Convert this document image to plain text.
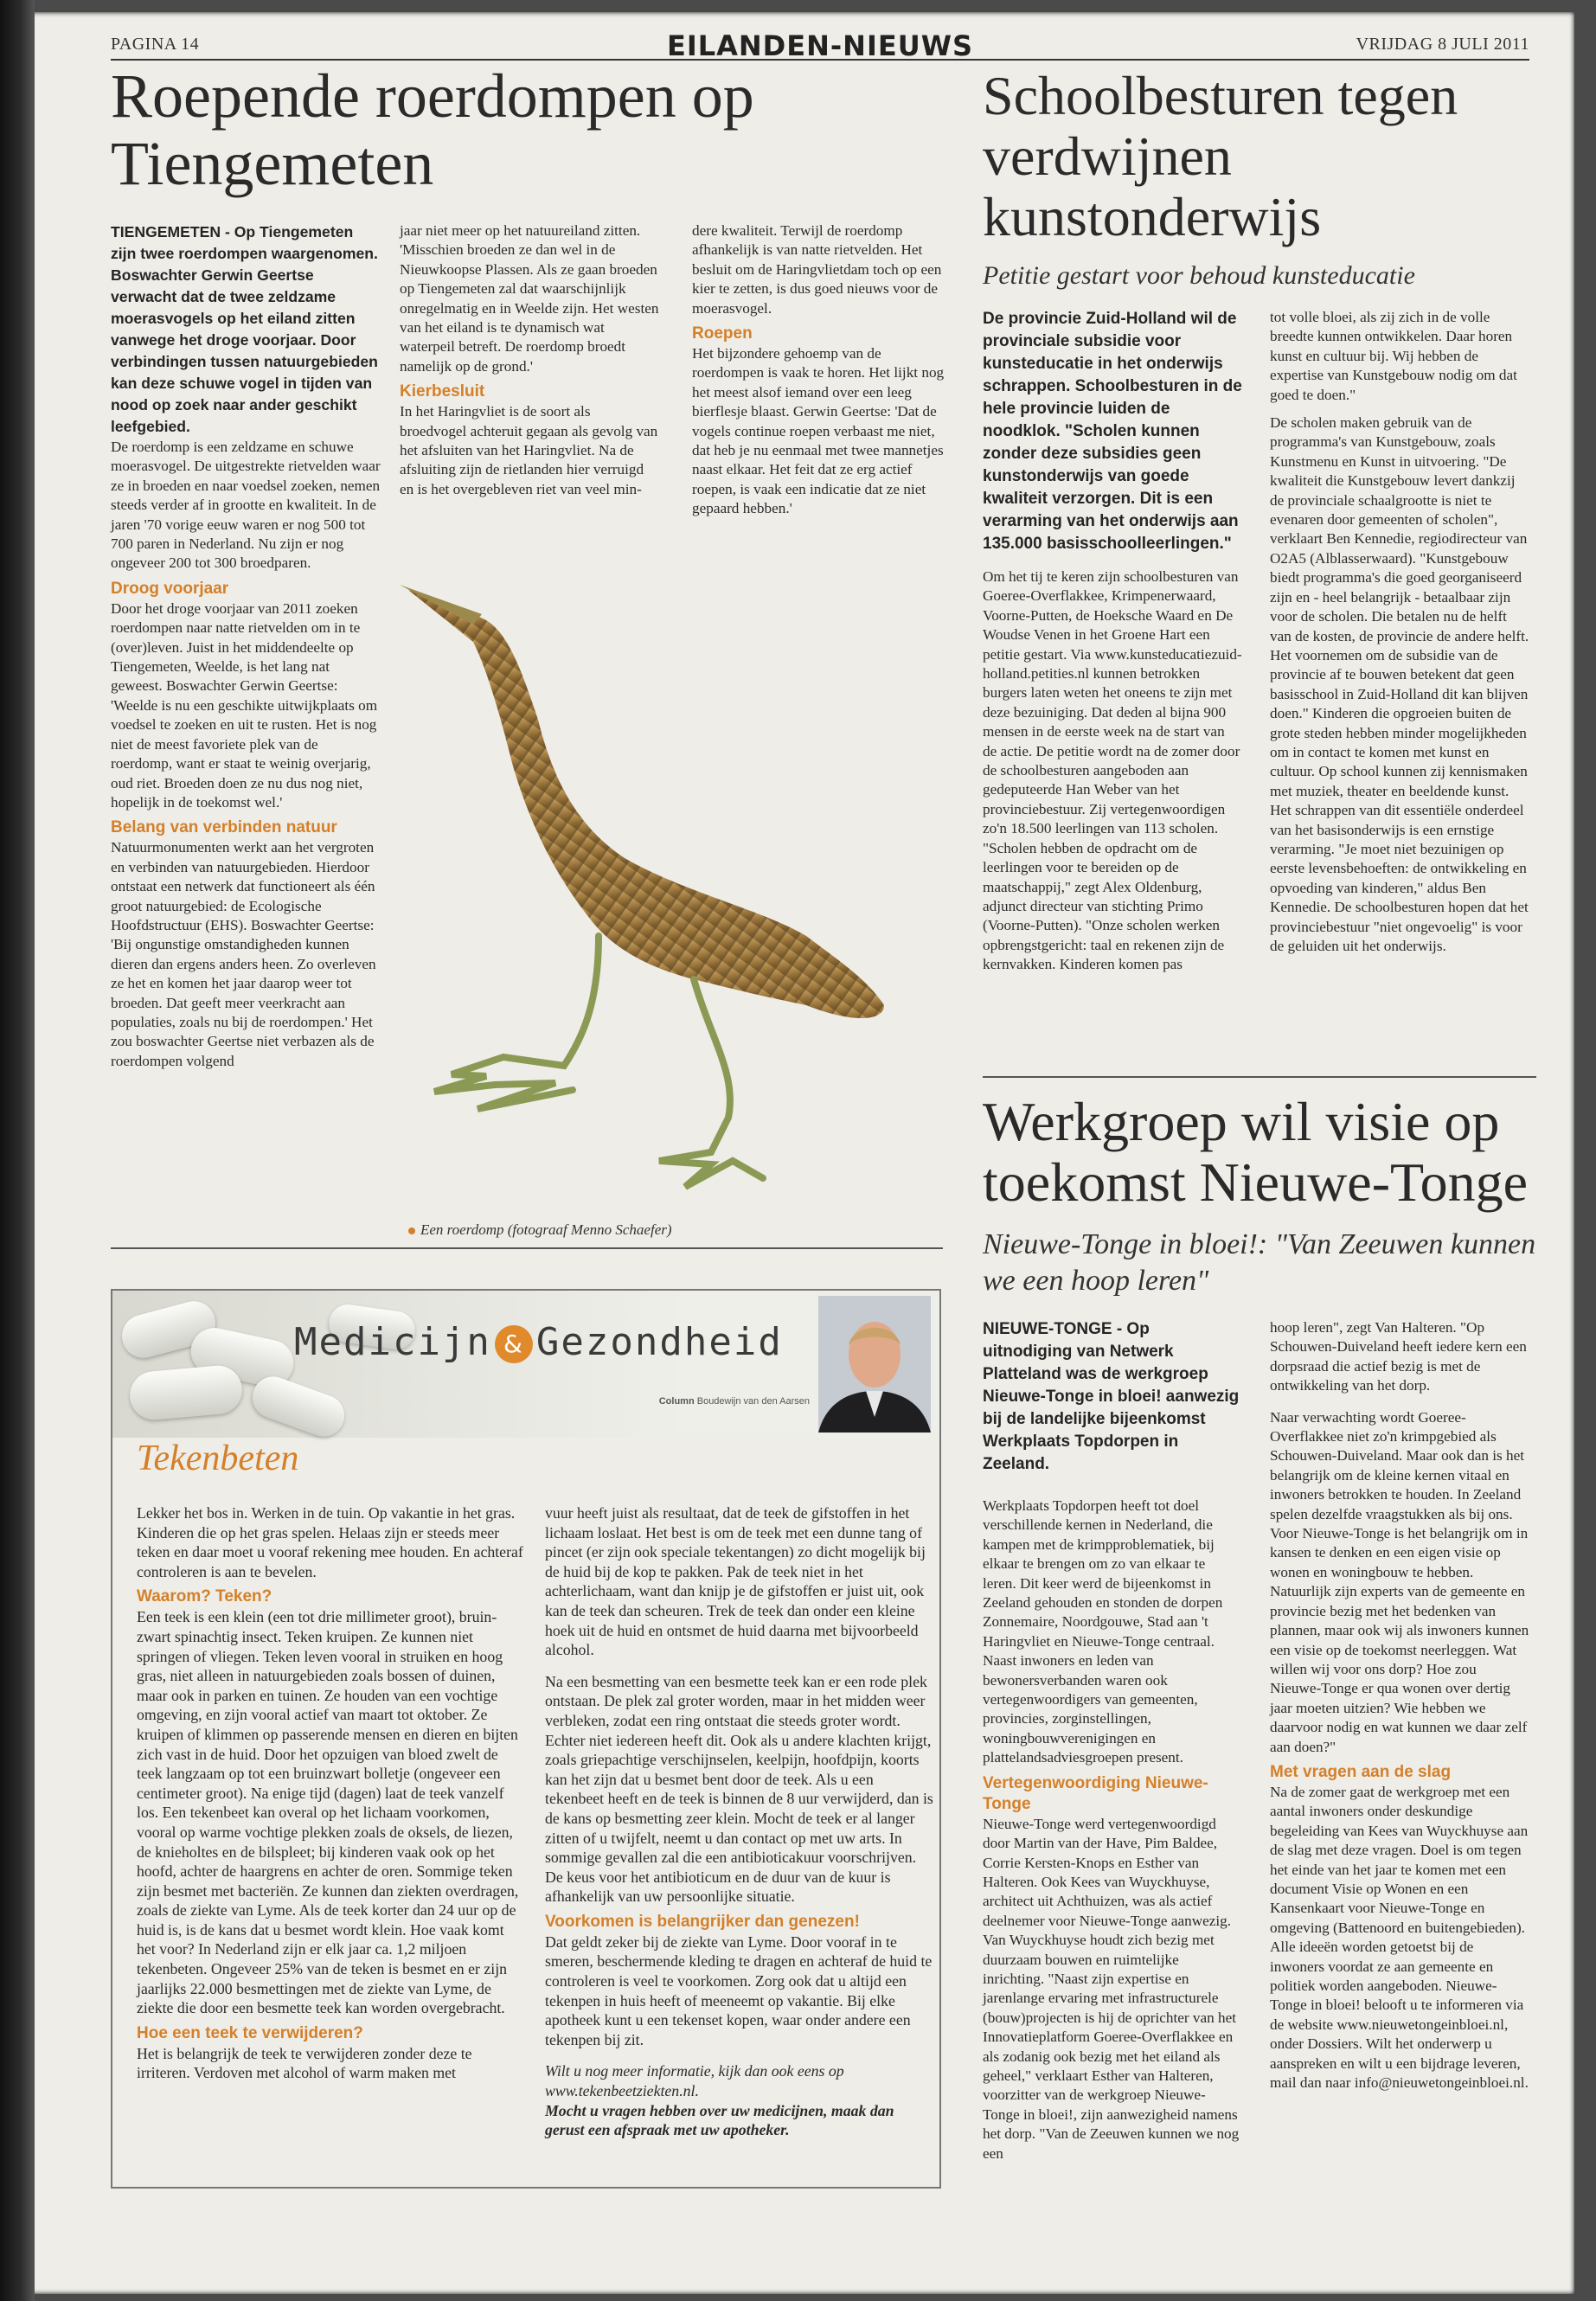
PAGINA 14	EILANDEN-NIEUWS	VRIJDAG 8 JULI 2011
Roepende roerdompen op Tiengemeten

TIENGEMETEN - Op Tiengemeten zijn twee roerdompen waargenomen. Boswachter Gerwin Geertse verwacht dat de twee zeldzame moerasvogels op het eiland zitten vanwege het droge voorjaar. Door verbindingen tussen natuurgebieden kan deze schuwe vogel in tijden van nood op zoek naar ander geschikt leefgebied.

De roerdomp is een zeldzame en schuwe moerasvogel. De uitgestrekte rietvelden waar ze in broeden en naar voedsel zoeken, nemen steeds verder af in grootte en kwaliteit. In de jaren '70 vorige eeuw waren er nog 500 tot 700 paren in Nederland. Nu zijn er nog ongeveer 200 tot 300 broedparen.

Droog voorjaar

Door het droge voorjaar van 2011 zoeken roerdompen naar natte rietvelden om in te (over)leven. Juist in het middendeelte op Tiengemeten, Weelde, is het lang nat geweest. Boswachter Gerwin Geertse: 'Weelde is nu een geschikte uitwijkplaats om voedsel te zoeken en uit te rusten. Het is nog niet de meest favoriete plek van de roerdomp, want er staat te weinig overjarig, oud riet. Broeden doen ze nu dus nog niet, hopelijk in de toekomst wel.'

Belang van verbinden natuur

Natuurmonumenten werkt aan het vergroten en verbinden van natuurgebieden. Hierdoor ontstaat een netwerk dat functioneert als één groot natuurgebied: de Ecologische Hoofdstructuur (EHS). Boswachter Geertse: 'Bij ongunstige omstandigheden kunnen dieren dan ergens anders heen. Zo overleven ze het en komen het jaar daarop weer tot broeden. Dat geeft meer veerkracht aan populaties, zoals nu bij de roerdompen.' Het zou boswachter Geertse niet verbazen als de roerdompen volgend

jaar niet meer op het natuureiland zitten. 'Misschien broeden ze dan wel in de Nieuwkoopse Plassen. Als ze gaan broeden op Tiengemeten zal dat waarschijnlijk onregelmatig en in Weelde zijn. Het westen van het eiland is te dynamisch wat waterpeil betreft. De roerdomp broedt namelijk op de grond.'

Kierbesluit

In het Haringvliet is de soort als broedvogel achteruit gegaan als gevolg van het afsluiten van het Haringvliet. Na de afsluiting zijn de rietlanden hier verruigd en is het overgebleven riet van veel min-

dere kwaliteit. Terwijl de roerdomp afhankelijk is van natte rietvelden. Het besluit om de Haringvlietdam toch op een kier te zetten, is dus goed nieuws voor de moerasvogel.

Roepen

Het bijzondere gehoemp van de roerdompen is vaak te horen. Het lijkt nog het meest alsof iemand over een leeg bierflesje blaast. Gerwin Geertse: 'Dat de vogels continue roepen verbaast me niet, dat heb je nu eenmaal met twee mannetjes naast elkaar. Het feit dat ze erg actief roepen, is vaak een indicatie dat ze niet gepaard hebben.'

Een roerdomp (fotograaf Menno Schaefer)
Medicijn & Gezondheid
Column Boudewijn van den Aarsen
Tekenbeten

Lekker het bos in. Werken in de tuin. Op vakantie in het gras. Kinderen die op het gras spelen. Helaas zijn er steeds meer teken en daar moet u vooraf rekening mee houden. En achteraf controleren is aan te bevelen.

Waarom? Teken?

Een teek is een klein (een tot drie millimeter groot), bruin-zwart spinachtig insect. Teken kruipen. Ze kunnen niet springen of vliegen. Teken leven vooral in struiken en hoog gras, niet alleen in natuurgebieden zoals bossen of duinen, maar ook in parken en tuinen. Ze houden van een vochtige omgeving, en zijn vooral actief van maart tot oktober. Ze kruipen of klimmen op passerende mensen en dieren en bijten zich vast in de huid. Door het opzuigen van bloed zwelt de teek langzaam op tot een bruinzwart bolletje (ongeveer een centimeter groot). Na enige tijd (dagen) laat de teek vanzelf los. Een tekenbeet kan overal op het lichaam voorkomen, vooral op warme vochtige plekken zoals de oksels, de liezen, de knieholtes en de bilspleet; bij kinderen vaak ook op het hoofd, achter de haargrens en achter de oren. Sommige teken zijn besmet met bacteriën. Ze kunnen dan ziekten overdragen, zoals de ziekte van Lyme. Als de teek korter dan 24 uur op de huid is, is de kans dat u besmet wordt klein. Hoe vaak komt het voor? In Nederland zijn er elk jaar ca. 1,2 miljoen tekenbeten. Ongeveer 25% van de teken is besmet en er zijn jaarlijks 22.000 besmettingen met de ziekte van Lyme, de ziekte die door een besmette teek kan worden overgebracht.

Hoe een teek te verwijderen?

Het is belangrijk de teek te verwijderen zonder deze te irriteren. Verdoven met alcohol of warm maken met

vuur heeft juist als resultaat, dat de teek de gifstoffen in het lichaam loslaat. Het best is om de teek met een dunne tang of pincet (er zijn ook speciale tekentangen) zo dicht mogelijk bij de huid bij de kop te pakken. Pak de teek niet in het achterlichaam, want dan knijp je de gifstoffen er juist uit, ook kan de teek dan scheuren. Trek de teek dan onder een kleine hoek uit de huid en ontsmet de huid daarna met bijvoorbeeld alcohol.

Na een besmetting van een besmette teek kan er een rode plek ontstaan. De plek zal groter worden, maar in het midden weer verbleken, zodat een ring ontstaat die steeds groter wordt. Echter niet iedereen heeft dit. Ook als u andere klachten krijgt, zoals griepachtige verschijnselen, keelpijn, hoofdpijn, koorts kan het zijn dat u besmet bent door de teek. Als u een tekenbeet heeft en de teek is binnen de 8 uur verwijderd, dan is de kans op besmetting zeer klein. Mocht de teek er al langer zitten of u twijfelt, neemt u dan contact op met uw arts. In sommige gevallen zal die een antibioticakuur voorschrijven. De keus voor het antibioticum en de duur van de kuur is afhankelijk van uw persoonlijke situatie.

Voorkomen is belangrijker dan genezen!

Dat geldt zeker bij de ziekte van Lyme. Door vooraf in te smeren, beschermende kleding te dragen en achteraf de huid te controleren is veel te voorkomen. Zorg ook dat u altijd een tekenpen in huis heeft of meeneemt op vakantie. Bij elke apotheek kunt u een tekenset kopen, waar onder andere een tekenpen bij zit.

Wilt u nog meer informatie, kijk dan ook eens op www.tekenbeetziekten.nl.

Mocht u vragen hebben over uw medicijnen, maak dan gerust een afspraak met uw apotheker.

Schoolbesturen tegen verdwijnen kunstonderwijs
Petitie gestart voor behoud kunsteducatie

De provincie Zuid-Holland wil de provinciale subsidie voor kunsteducatie in het onderwijs schrappen. Schoolbesturen in de hele provincie luiden de noodklok. "Scholen kunnen zonder deze subsidies geen kunstonderwijs van goede kwaliteit verzorgen. Dit is een verarming van het onderwijs aan 135.000 basisschoolleerlingen."

Om het tij te keren zijn schoolbesturen van Goeree-Overflakkee, Krimpenerwaard, Voorne-Putten, de Hoeksche Waard en De Woudse Venen in het Groene Hart een petitie gestart. Via www.kunsteducatiezuid-holland.petities.nl kunnen betrokken burgers laten weten het oneens te zijn met deze bezuiniging. Dat deden al bijna 900 mensen in de eerste week na de start van de actie. De petitie wordt na de zomer door de schoolbesturen aangeboden aan gedeputeerde Han Weber van het provinciebestuur. Zij vertegenwoordigen zo'n 18.500 leerlingen van 113 scholen. "Scholen hebben de opdracht om de leerlingen voor te bereiden op de maatschappij," zegt Alex Oldenburg, adjunct directeur van stichting Primo (Voorne-Putten). "Onze scholen werken opbrengstgericht: taal en rekenen zijn de kernvakken. Kinderen komen pas

tot volle bloei, als zij zich in de volle breedte kunnen ontwikkelen. Daar horen kunst en cultuur bij. Wij hebben de expertise van Kunstgebouw nodig om dat goed te doen."

De scholen maken gebruik van de programma's van Kunstgebouw, zoals Kunstmenu en Kunst in uitvoering. "De kwaliteit die Kunstgebouw levert dankzij de provinciale schaalgrootte is niet te evenaren door gemeenten of scholen", verklaart Ben Kennedie, regiodirecteur van O2A5 (Alblasserwaard). "Kunstgebouw biedt programma's die goed georganiseerd zijn en - heel belangrijk - betaalbaar zijn voor de scholen. Die betalen nu de helft van de kosten, de provincie de andere helft. Het voornemen om de subsidie van de provincie af te bouwen betekent dat geen basisschool in Zuid-Holland dit kan blijven doen." Kinderen die opgroeien buiten de grote steden hebben minder mogelijkheden om in contact te komen met kunst en cultuur. Op school kunnen zij kennismaken met muziek, theater en beeldende kunst. Het schrappen van dit essentiële onderdeel van het basisonderwijs is een ernstige verarming. "Je moet niet bezuinigen op eerste levensbehoeften: de ontwikkeling en opvoeding van kinderen," aldus Ben Kennedie. De schoolbesturen hopen dat het provinciebestuur "niet ongevoelig" is voor de geluiden uit het onderwijs.

Werkgroep wil visie op toekomst Nieuwe-Tonge
Nieuwe-Tonge in bloei!: "Van Zeeuwen kunnen we een hoop leren"

NIEUWE-TONGE - Op uitnodiging van Netwerk Platteland was de werkgroep Nieuwe-Tonge in bloei! aanwezig bij de landelijke bijeenkomst Werkplaats Topdorpen in Zeeland.

Werkplaats Topdorpen heeft tot doel verschillende kernen in Nederland, die kampen met de krimpproblematiek, bij elkaar te brengen om zo van elkaar te leren. Dit keer werd de bijeenkomst in Zeeland gehouden en stonden de dorpen Zonnemaire, Noordgouwe, Stad aan 't Haringvliet en Nieuwe-Tonge centraal. Naast inwoners en leden van bewonersverbanden waren ook vertegenwoordigers van gemeenten, provincies, zorginstellingen, woningbouwverenigingen en plattelandsadviesgroepen present.

Vertegenwoordiging Nieuwe-Tonge

Nieuwe-Tonge werd vertegenwoordigd door Martin van der Have, Pim Baldee, Corrie Kersten-Knops en Esther van Halteren. Ook Kees van Wuyckhuyse, architect uit Achthuizen, was als actief deelnemer voor Nieuwe-Tonge aanwezig. Van Wuyckhuyse houdt zich bezig met duurzaam bouwen en ruimtelijke inrichting. "Naast zijn expertise en jarenlange ervaring met infrastructurele (bouw)projecten is hij de oprichter van het Innovatieplatform Goeree-Overflakkee en als zodanig ook bezig met het eiland als geheel," verklaart Esther van Halteren, voorzitter van de werkgroep Nieuwe-Tonge in bloei!, zijn aanwezigheid namens het dorp. "Van de Zeeuwen kunnen we nog een

hoop leren", zegt Van Halteren. "Op Schouwen-Duiveland heeft iedere kern een dorpsraad die actief bezig is met de ontwikkeling van het dorp.

Naar verwachting wordt Goeree-Overflakkee niet zo'n krimpgebied als Schouwen-Duiveland. Maar ook dan is het belangrijk om de kleine kernen vitaal en inwoners betrokken te houden. In Zeeland spelen dezelfde vraagstukken als bij ons. Voor Nieuwe-Tonge is het belangrijk om in kansen te denken en een eigen visie op wonen en woningbouw te hebben. Natuurlijk zijn experts van de gemeente en provincie bezig met het bedenken van plannen, maar ook wij als inwoners kunnen een visie op de toekomst neerleggen. Wat willen wij voor ons dorp? Hoe zou Nieuwe-Tonge er qua wonen over dertig jaar moeten uitzien? Wie hebben we daarvoor nodig en wat kunnen we daar zelf aan doen?"

Met vragen aan de slag

Na de zomer gaat de werkgroep met een aantal inwoners onder deskundige begeleiding van Kees van Wuyckhuyse aan de slag met deze vragen. Doel is om tegen het einde van het jaar te komen met een document Visie op Wonen en een Kansenkaart voor Nieuwe-Tonge en omgeving (Battenoord en buitengebieden). Alle ideeën worden getoetst bij de inwoners voordat ze aan gemeente en politiek worden aangeboden. Nieuwe-Tonge in bloei! belooft u te informeren via de website www.nieuwetongeinbloei.nl, onder Dossiers. Wilt het onderwerp u aanspreken en wilt u een bijdrage leveren, mail dan naar info@nieuwetongeinbloei.nl.
